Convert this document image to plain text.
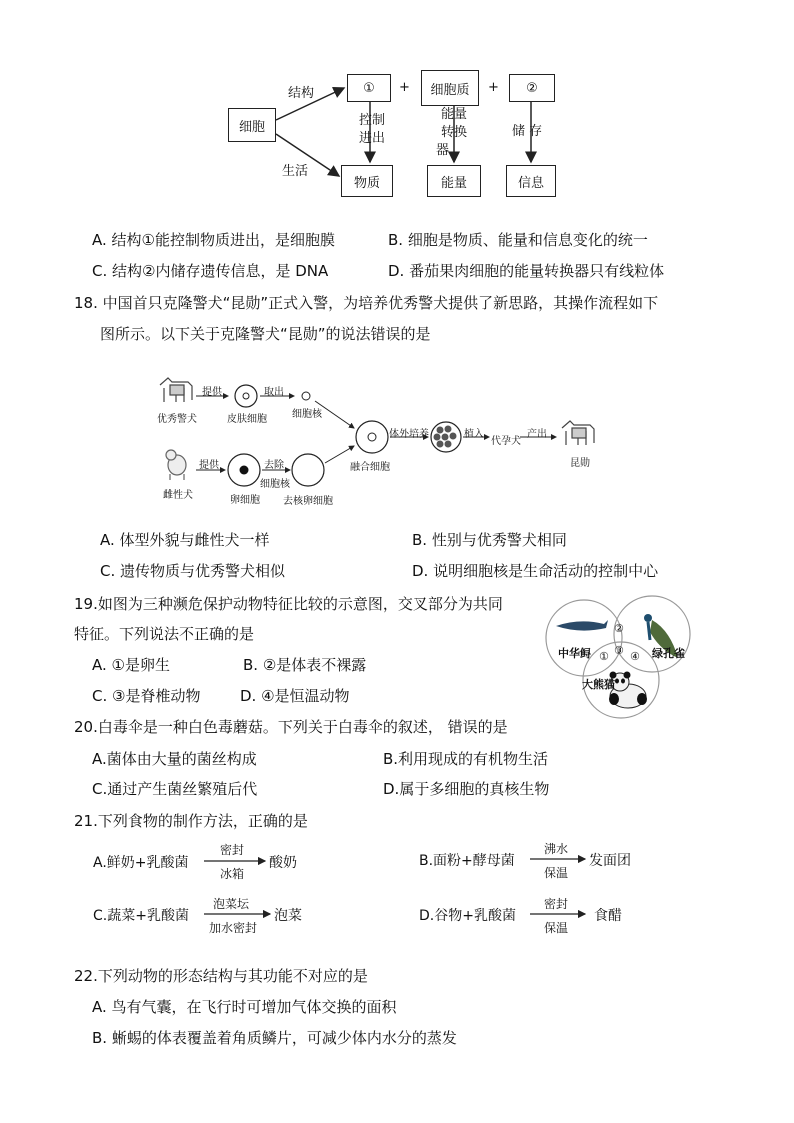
细胞
结构
生活
①	+	细胞质	+	②
控制
进出
能量
转换
器
储 存
物质	能量	信息
A. 结构①能控制物质进出，是细胞膜	B. 细胞是物质、能量和信息变化的统一
C. 结构②内储存遗传信息，是 DNA	D. 番茄果肉细胞的能量转换器只有线粒体
18. 中国首只克隆警犬“昆勋”正式入警，为培养优秀警犬提供了新思路，其操作流程如下
图所示。以下关于克隆警犬“昆勋”的说法错误的是
优秀警犬
提供
皮肤细胞
取出
细胞核
雌性犬
提供
卵细胞
去除
细胞核
去核卵细胞
融合细胞
体外培养	植入
代孕犬
产出
昆勋
A. 体型外貌与雌性犬一样	B. 性别与优秀警犬相同
C. 遗传物质与优秀警犬相似	D. 说明细胞核是生命活动的控制中心
19.如图为三种濒危保护动物特征比较的示意图，交叉部分为共同
特征。下列说法不正确的是
A. ①是卵生	B. ②是体表不裸露
C. ③是脊椎动物	D. ④是恒温动物
中华鲟	绿孔雀
大熊猫
①
②
③ ④
20.白毒伞是一种白色毒蘑菇。下列关于白毒伞的叙述， 错误的是
A.菌体由大量的菌丝构成	B.利用现成的有机物生活
C.通过产生菌丝繁殖后代	D.属于多细胞的真核生物
21.下列食物的制作方法，正确的是
A.鲜奶+乳酸菌
密封
冰箱
酸奶	B.面粉+酵母菌
沸水
保温
发面团
C.蔬菜+乳酸菌
泡菜坛
加水密封
泡菜	D.谷物+乳酸菌
密封
保温
食醋
22.下列动物的形态结构与其功能不对应的是
A. 鸟有气囊，在飞行时可增加气体交换的面积
B. 蜥蜴的体表覆盖着角质鳞片，可减少体内水分的蒸发
